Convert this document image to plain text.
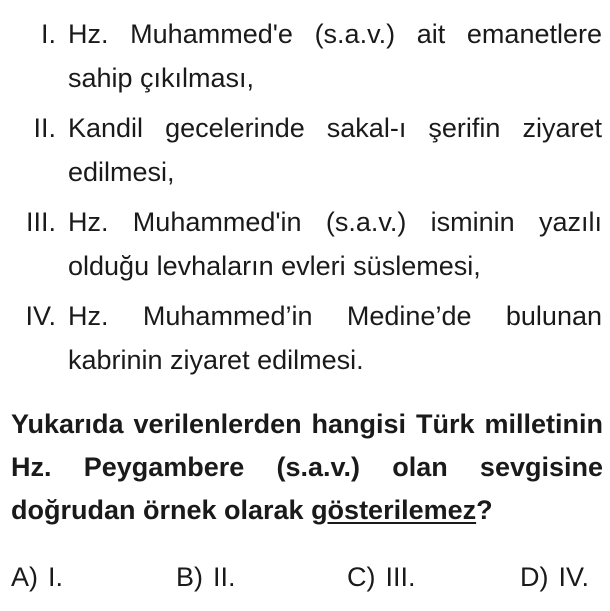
I. Hz. Muhammed'e (s.a.v.) ait emanetlere sahip çıkılması,
II. Kandil gecelerinde sakal-ı şerifin ziyaret edilmesi,
III. Hz. Muhammed'in (s.a.v.) isminin yazılı olduğu levhaların evleri süslemesi,
IV. Hz. Muhammed’in Medine’de bulunan kabrinin ziyaret edilmesi.
Yukarıda verilenlerden hangisi Türk milletinin Hz. Peygambere (s.a.v.) olan sevgisine doğrudan örnek olarak gösterilemez?
A) I.	B) II.	C) III.	D) IV.
